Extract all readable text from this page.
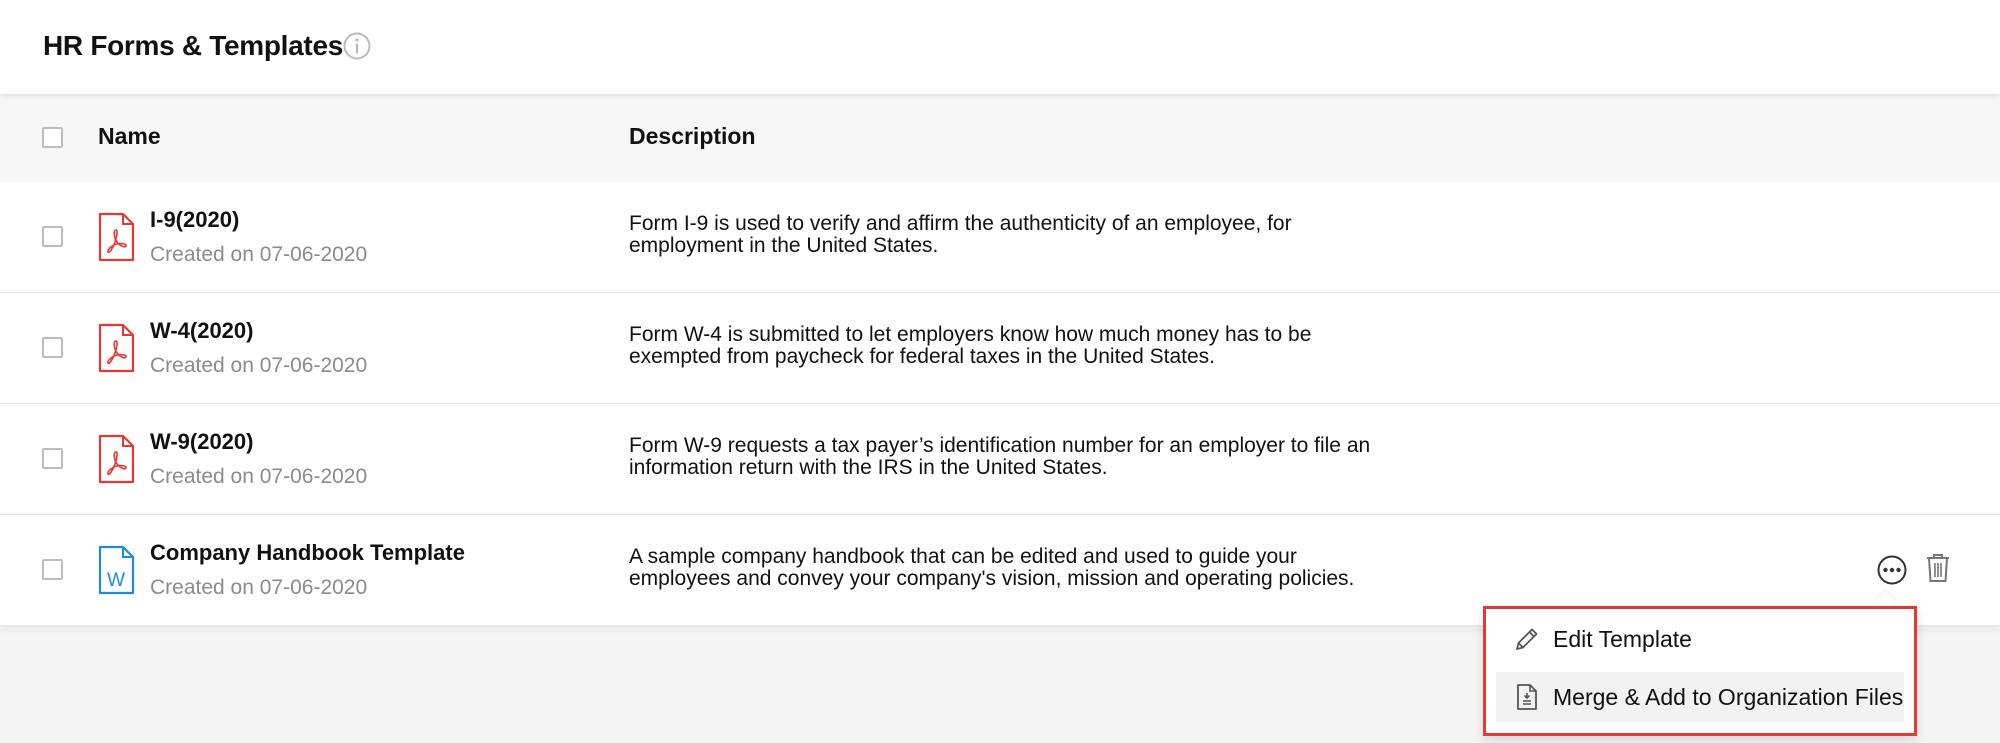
HR Forms & Templates
Name	Description
I-9(2020)
Created on 07-06-2020
Form I-9 is used to verify and affirm the authenticity of an employee, for employment in the United States.
W-4(2020)
Created on 07-06-2020
Form W-4 is submitted to let employers know how much money has to be exempted from paycheck for federal taxes in the United States.
W-9(2020)
Created on 07-06-2020
Form W-9 requests a tax payer’s identification number for an employer to file an information return with the IRS in the United States.
W
Company Handbook Template
Created on 07-06-2020
A sample company handbook that can be edited and used to guide your employees and convey your company's vision, mission and operating policies.
Edit Template
Merge & Add to Organization Files
